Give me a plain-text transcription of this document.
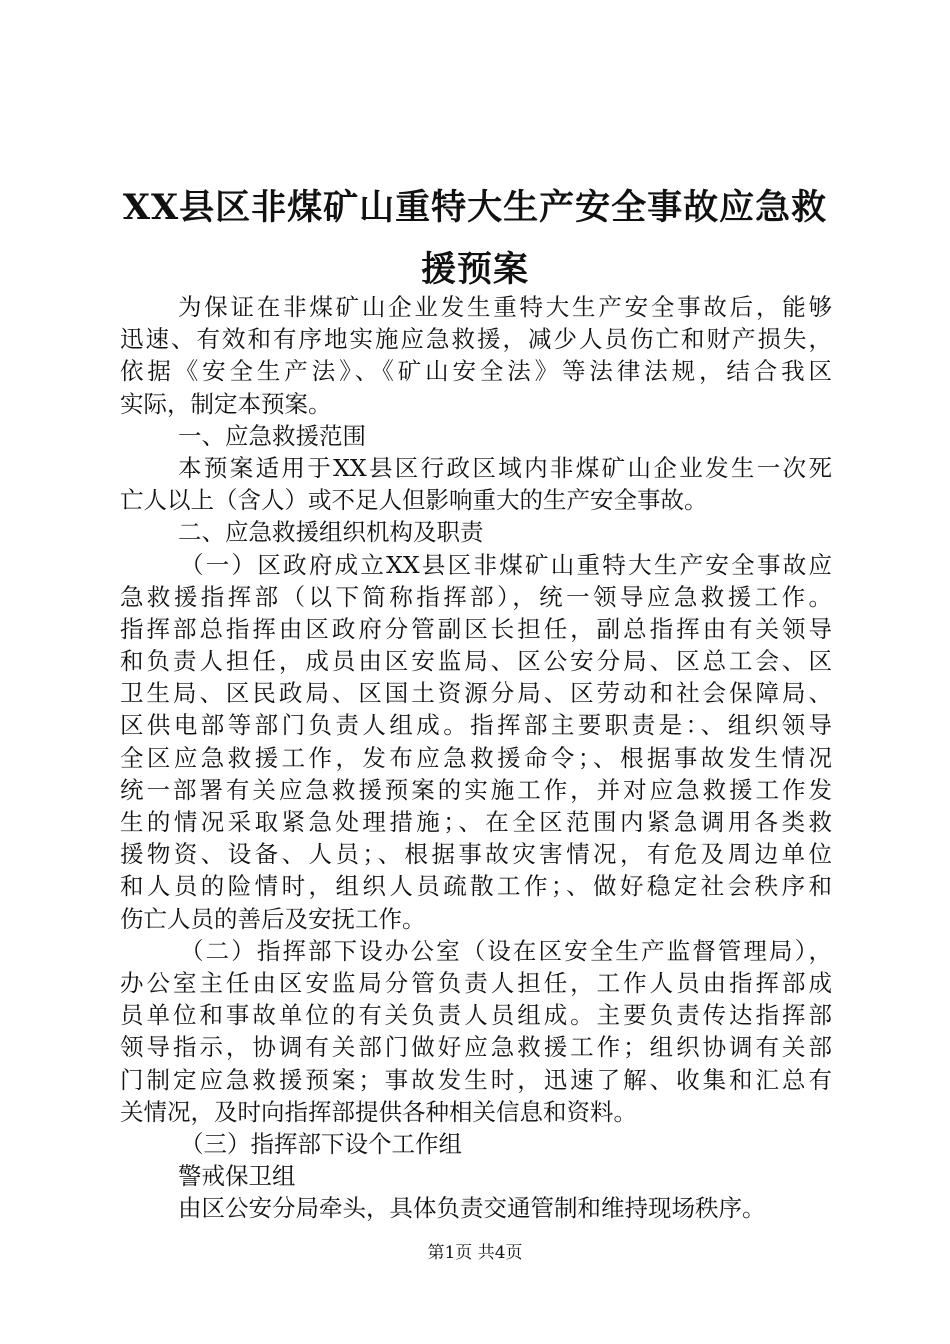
XX县区非煤矿山重特大生产安全事故应急救
援预案
为保证在非煤矿山企业发生重特大生产安全事故后，能够
迅速、有效和有序地实施应急救援，减少人员伤亡和财产损失，
依据《安全生产法》、《矿山安全法》等法律法规，结合我区
实际，制定本预案。
一、应急救援范围
本预案适用于XX县区行政区域内非煤矿山企业发生一次死
亡人以上（含人）或不足人但影响重大的生产安全事故。
二、应急救援组织机构及职责
（一）区政府成立XX县区非煤矿山重特大生产安全事故应
急救援指挥部（以下简称指挥部），统一领导应急救援工作。
指挥部总指挥由区政府分管副区长担任，副总指挥由有关领导
和负责人担任，成员由区安监局、区公安分局、区总工会、区
卫生局、区民政局、区国土资源分局、区劳动和社会保障局、
区供电部等部门负责人组成。指挥部主要职责是：、组织领导
全区应急救援工作，发布应急救援命令；、根据事故发生情况
统一部署有关应急救援预案的实施工作，并对应急救援工作发
生的情况采取紧急处理措施；、在全区范围内紧急调用各类救
援物资、设备、人员；、根据事故灾害情况，有危及周边单位
和人员的险情时，组织人员疏散工作；、做好稳定社会秩序和
伤亡人员的善后及安抚工作。
（二）指挥部下设办公室（设在区安全生产监督管理局），
办公室主任由区安监局分管负责人担任，工作人员由指挥部成
员单位和事故单位的有关负责人员组成。主要负责传达指挥部
领导指示，协调有关部门做好应急救援工作；组织协调有关部
门制定应急救援预案；事故发生时，迅速了解、收集和汇总有
关情况，及时向指挥部提供各种相关信息和资料。
（三）指挥部下设个工作组
警戒保卫组
由区公安分局牵头，具体负责交通管制和维持现场秩序。
第1页 共4页
